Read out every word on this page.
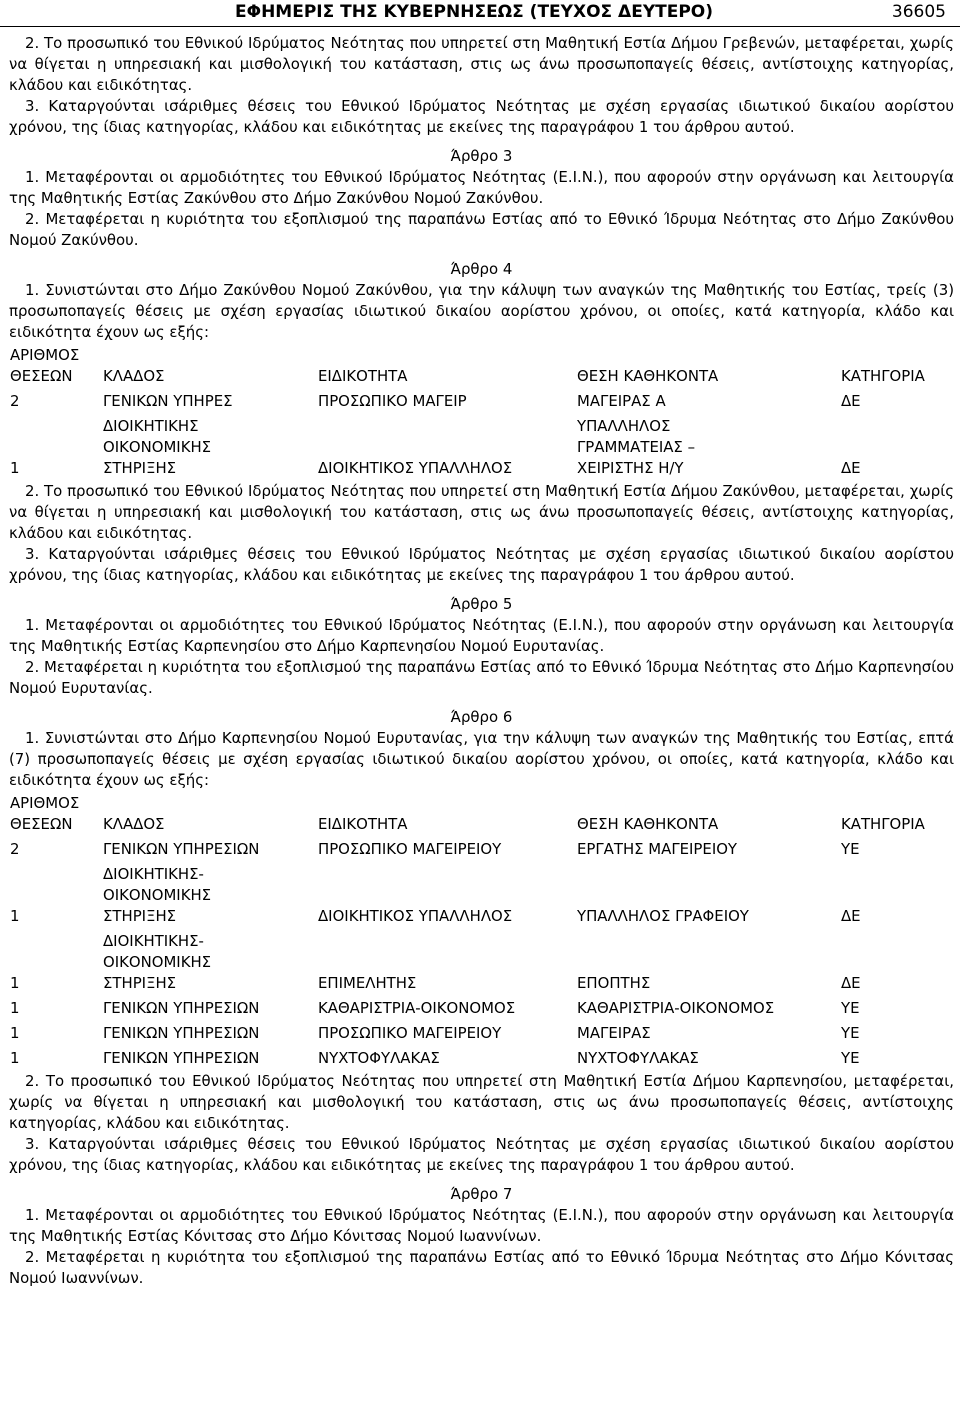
ΕΦΗΜΕΡΙΣ ΤΗΣ ΚΥΒΕΡΝΗΣΕΩΣ (ΤΕΥΧΟΣ ΔΕΥΤΕΡΟ)	36605

2. Το προσωπικό του Εθνικού Ιδρύματος Νεότητας που υπηρετεί στη Μαθητική Εστία Δήμου Γρεβενών, μεταφέρεται, χωρίς να θίγεται η υπηρεσιακή και μισθολογική του κατάσταση, στις ως άνω προσωποπαγείς θέσεις, αντίστοιχης κατηγορίας, κλάδου και ειδικότητας.

3. Καταργούνται ισάριθμες θέσεις του Εθνικού Ιδρύματος Νεότητας με σχέση εργασίας ιδιωτικού δικαίου αορίστου χρόνου, της ίδιας κατηγορίας, κλάδου και ειδικότητας με εκείνες της παραγράφου 1 του άρθρου αυτού.

Άρθρο 3

1. Μεταφέρονται οι αρμοδιότητες του Εθνικού Ιδρύματος Νεότητας (Ε.Ι.Ν.), που αφορούν στην οργάνωση και λειτουργία της Μαθητικής Εστίας Ζακύνθου στο Δήμο Ζακύνθου Νομού Ζακύνθου.

2. Μεταφέρεται η κυριότητα του εξοπλισμού της παραπάνω Εστίας από το Εθνικό Ίδρυμα Νεότητας στο Δήμο Ζακύνθου Νομού Ζακύνθου.

Άρθρο 4

1. Συνιστώνται στο Δήμο Ζακύνθου Νομού Ζακύνθου, για την κάλυψη των αναγκών της Μαθητικής του Εστίας, τρείς (3) προσωποπαγείς θέσεις με σχέση εργασίας ιδιωτικού δικαίου αορίστου χρόνου, οι οποίες, κατά κατηγορία, κλάδο και ειδικότητα έχουν ως εξής:

ΑΡΙΘΜΟΣ
ΘΕΣΕΩΝ	ΚΛΑΔΟΣ	ΕΙΔΙΚΟΤΗΤΑ	ΘΕΣΗ ΚΑΘΗΚΟΝΤΑ	ΚΑΤΗΓΟΡΙΑ
2	ΓΕΝΙΚΩΝ ΥΠΗΡΕΣ	ΠΡΟΣΩΠΙΚΟ ΜΑΓΕΙΡ	ΜΑΓΕΙΡΑΣ Α	ΔΕ
1	ΔΙΟΙΚΗΤΙΚΗΣ
ΟΙΚΟΝΟΜΙΚΗΣ
ΣΤΗΡΙΞΗΣ	ΔΙΟΙΚΗΤΙΚΟΣ ΥΠΑΛΛΗΛΟΣ	ΥΠΑΛΛΗΛΟΣ
ΓΡΑΜΜΑΤΕΙΑΣ –
ΧΕΙΡΙΣΤΗΣ Η/Υ	ΔΕ

2. Το προσωπικό του Εθνικού Ιδρύματος Νεότητας που υπηρετεί στη Μαθητική Εστία Δήμου Ζακύνθου, μεταφέρεται, χωρίς να θίγεται η υπηρεσιακή και μισθολογική του κατάσταση, στις ως άνω προσωποπαγείς θέσεις, αντίστοιχης κατηγορίας, κλάδου και ειδικότητας.

3. Καταργούνται ισάριθμες θέσεις του Εθνικού Ιδρύματος Νεότητας με σχέση εργασίας ιδιωτικού δικαίου αορίστου χρόνου, της ίδιας κατηγορίας, κλάδου και ειδικότητας με εκείνες της παραγράφου 1 του άρθρου αυτού.

Άρθρο 5

1. Μεταφέρονται οι αρμοδιότητες του Εθνικού Ιδρύματος Νεότητας (Ε.Ι.Ν.), που αφορούν στην οργάνωση και λειτουργία της Μαθητικής Εστίας Καρπενησίου στο Δήμο Καρπενησίου Νομού Ευρυτανίας.

2. Μεταφέρεται η κυριότητα του εξοπλισμού της παραπάνω Εστίας από το Εθνικό Ίδρυμα Νεότητας στο Δήμο Καρπενησίου Νομού Ευρυτανίας.

Άρθρο 6

1. Συνιστώνται στο Δήμο Καρπενησίου Νομού Ευρυτανίας, για την κάλυψη των αναγκών της Μαθητικής του Εστίας, επτά (7) προσωποπαγείς θέσεις με σχέση εργασίας ιδιωτικού δικαίου αορίστου χρόνου, οι οποίες, κατά κατηγορία, κλάδο και ειδικότητα έχουν ως εξής:

ΑΡΙΘΜΟΣ
ΘΕΣΕΩΝ	ΚΛΑΔΟΣ	ΕΙΔΙΚΟΤΗΤΑ	ΘΕΣΗ ΚΑΘΗΚΟΝΤΑ	ΚΑΤΗΓΟΡΙΑ
2	ΓΕΝΙΚΩΝ ΥΠΗΡΕΣΙΩΝ	ΠΡΟΣΩΠΙΚΟ ΜΑΓΕΙΡΕΙΟΥ	ΕΡΓΑΤΗΣ ΜΑΓΕΙΡΕΙΟΥ	ΥΕ
1	ΔΙΟΙΚΗΤΙΚΗΣ-
ΟΙΚΟΝΟΜΙΚΗΣ
ΣΤΗΡΙΞΗΣ	ΔΙΟΙΚΗΤΙΚΟΣ ΥΠΑΛΛΗΛΟΣ	ΥΠΑΛΛΗΛΟΣ ΓΡΑΦΕΙΟΥ	ΔΕ
1	ΔΙΟΙΚΗΤΙΚΗΣ-
ΟΙΚΟΝΟΜΙΚΗΣ
ΣΤΗΡΙΞΗΣ	ΕΠΙΜΕΛΗΤΗΣ	ΕΠΟΠΤΗΣ	ΔΕ
1	ΓΕΝΙΚΩΝ ΥΠΗΡΕΣΙΩΝ	ΚΑΘΑΡΙΣΤΡΙΑ-ΟΙΚΟΝΟΜΟΣ	ΚΑΘΑΡΙΣΤΡΙΑ-ΟΙΚΟΝΟΜΟΣ	ΥΕ
1	ΓΕΝΙΚΩΝ ΥΠΗΡΕΣΙΩΝ	ΠΡΟΣΩΠΙΚΟ ΜΑΓΕΙΡΕΙΟΥ	ΜΑΓΕΙΡΑΣ	ΥΕ
1	ΓΕΝΙΚΩΝ ΥΠΗΡΕΣΙΩΝ	ΝΥΧΤΟΦΥΛΑΚΑΣ	ΝΥΧΤΟΦΥΛΑΚΑΣ	ΥΕ

2. Το προσωπικό του Εθνικού Ιδρύματος Νεότητας που υπηρετεί στη Μαθητική Εστία Δήμου Καρπενησίου, μεταφέρεται, χωρίς να θίγεται η υπηρεσιακή και μισθολογική του κατάσταση, στις ως άνω προσωποπαγείς θέσεις, αντίστοιχης κατηγορίας, κλάδου και ειδικότητας.

3. Καταργούνται ισάριθμες θέσεις του Εθνικού Ιδρύματος Νεότητας με σχέση εργασίας ιδιωτικού δικαίου αορίστου χρόνου, της ίδιας κατηγορίας, κλάδου και ειδικότητας με εκείνες της παραγράφου 1 του άρθρου αυτού.

Άρθρο 7

1. Μεταφέρονται οι αρμοδιότητες του Εθνικού Ιδρύματος Νεότητας (Ε.Ι.Ν.), που αφορούν στην οργάνωση και λειτουργία της Μαθητικής Εστίας Κόνιτσας στο Δήμο Κόνιτσας Νομού Ιωαννίνων.

2. Μεταφέρεται η κυριότητα του εξοπλισμού της παραπάνω Εστίας από το Εθνικό Ίδρυμα Νεότητας στο Δήμο Κόνιτσας Νομού Ιωαννίνων.
